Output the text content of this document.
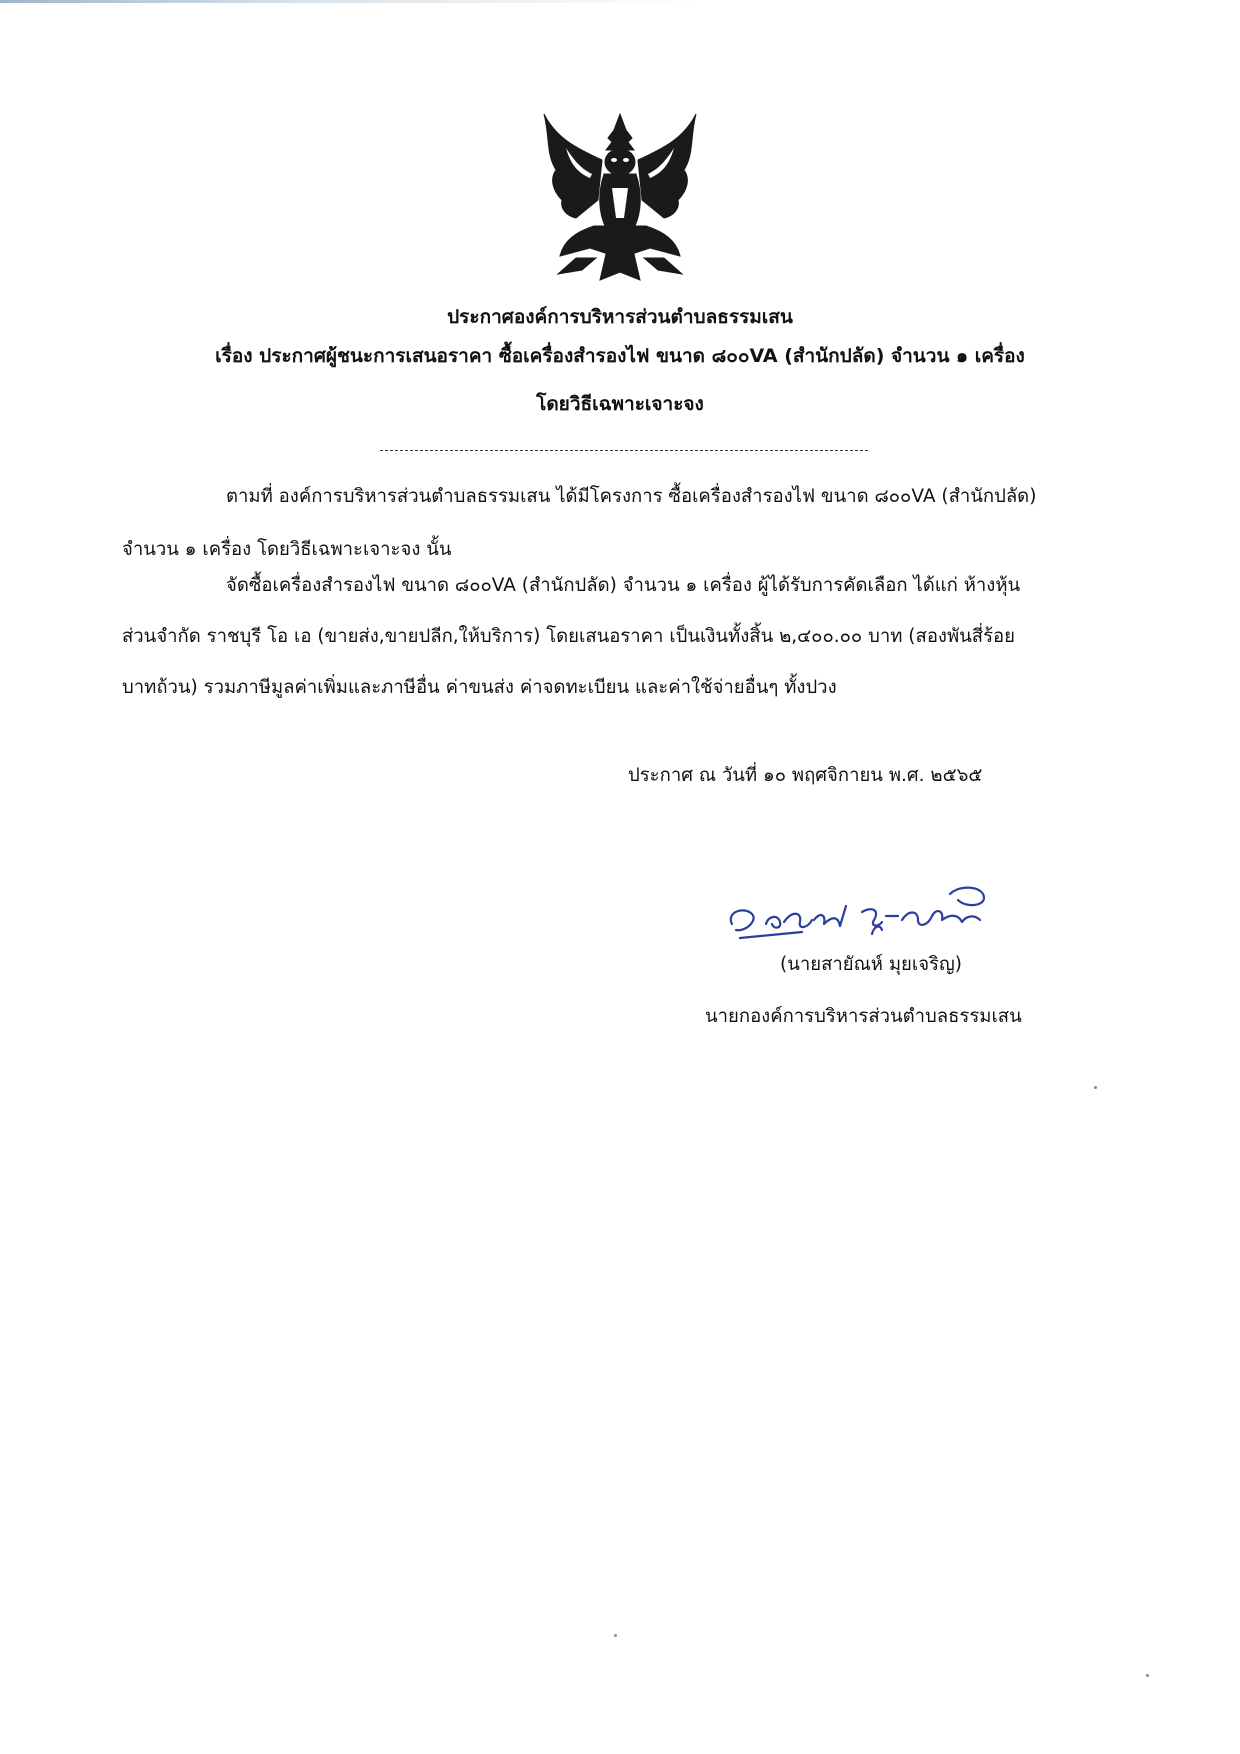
ประกาศองค์การบริหารส่วนตำบลธรรมเสน
เรื่อง ประกาศผู้ชนะการเสนอราคา ซื้อเครื่องสำรองไฟ ขนาด ๘๐๐VA (สำนักปลัด) จำนวน ๑ เครื่อง
โดยวิธีเฉพาะเจาะจง
ตามที่ องค์การบริหารส่วนตำบลธรรมเสน ได้มีโครงการ ซื้อเครื่องสำรองไฟ ขนาด ๘๐๐VA (สำนักปลัด)
จำนวน ๑ เครื่อง โดยวิธีเฉพาะเจาะจง นั้น
จัดซื้อเครื่องสำรองไฟ ขนาด ๘๐๐VA (สำนักปลัด) จำนวน ๑ เครื่อง ผู้ได้รับการคัดเลือก ได้แก่ ห้างหุ้น
ส่วนจำกัด ราชบุรี โอ เอ (ขายส่ง,ขายปลีก,ให้บริการ) โดยเสนอราคา เป็นเงินทั้งสิ้น ๒,๔๐๐.๐๐ บาท (สองพันสี่ร้อย
บาทถ้วน) รวมภาษีมูลค่าเพิ่มและภาษีอื่น ค่าขนส่ง ค่าจดทะเบียน และค่าใช้จ่ายอื่นๆ ทั้งปวง
ประกาศ ณ วันที่ ๑๐ พฤศจิกายน พ.ศ. ๒๕๖๕
(นายสายัณห์ มุยเจริญ)
นายกองค์การบริหารส่วนตำบลธรรมเสน
